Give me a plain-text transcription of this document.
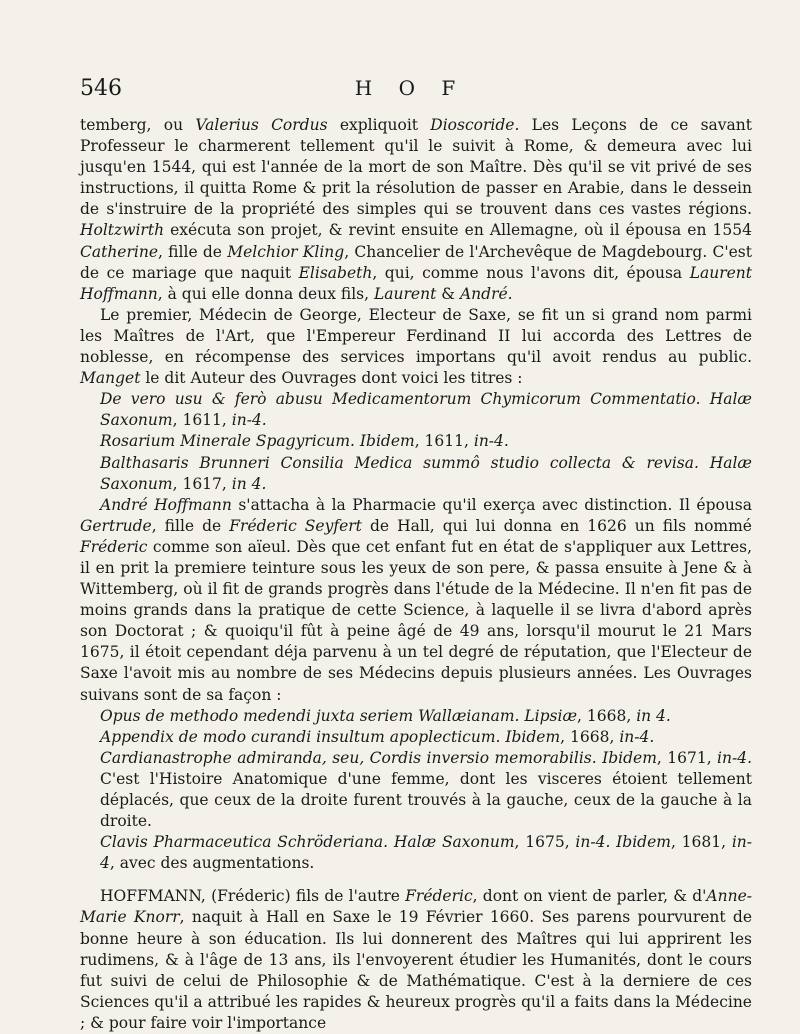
546	H O F

temberg, ou Valerius Cordus expliquoit Dioscoride. Les Leçons de ce savant Professeur le charmerent tellement qu'il le suivit à Rome, & demeura avec lui jusqu'en 1544, qui est l'année de la mort de son Maître. Dès qu'il se vit privé de ses instructions, il quitta Rome & prit la résolution de passer en Arabie, dans le dessein de s'instruire de la propriété des simples qui se trouvent dans ces vastes régions. Holtzwirth exécuta son projet, & revint ensuite en Allemagne, où il épousa en 1554 Catherine, fille de Melchior Kling, Chancelier de l'Archevêque de Magdebourg. C'est de ce mariage que naquit Elisabeth, qui, comme nous l'avons dit, épousa Laurent Hoffmann, à qui elle donna deux fils, Laurent & André.

Le premier, Médecin de George, Electeur de Saxe, se fit un si grand nom parmi les Maîtres de l'Art, que l'Empereur Ferdinand II lui accorda des Lettres de noblesse, en récompense des services importans qu'il avoit rendus au public. Manget le dit Auteur des Ouvrages dont voici les titres :

De vero usu & ferò abusu Medicamentorum Chymicorum Commentatio. Halæ Saxonum, 1611, in-4.

Rosarium Minerale Spagyricum. Ibidem, 1611, in-4.

Balthasaris Brunneri Consilia Medica summô studio collecta & revisa. Halæ Saxonum, 1617, in 4.

André Hoffmann s'attacha à la Pharmacie qu'il exerça avec distinction. Il épousa Gertrude, fille de Fréderic Seyfert de Hall, qui lui donna en 1626 un fils nommé Fréderic comme son aïeul. Dès que cet enfant fut en état de s'appliquer aux Lettres, il en prit la premiere teinture sous les yeux de son pere, & passa ensuite à Jene & à Wittemberg, où il fit de grands progrès dans l'étude de la Médecine. Il n'en fit pas de moins grands dans la pratique de cette Science, à laquelle il se livra d'abord après son Doctorat ; & quoiqu'il fût à peine âgé de 49 ans, lorsqu'il mourut le 21 Mars 1675, il étoit cependant déja parvenu à un tel degré de réputation, que l'Electeur de Saxe l'avoit mis au nombre de ses Médecins depuis plusieurs années. Les Ouvrages suivans sont de sa façon :

Opus de methodo medendi juxta seriem Wallæianam. Lipsiæ, 1668, in 4.

Appendix de modo curandi insultum apoplecticum. Ibidem, 1668, in-4.

Cardianastrophe admiranda, seu, Cordis inversio memorabilis. Ibidem, 1671, in-4. C'est l'Histoire Anatomique d'une femme, dont les visceres étoient tellement déplacés, que ceux de la droite furent trouvés à la gauche, ceux de la gauche à la droite.

Clavis Pharmaceutica Schröderiana. Halæ Saxonum, 1675, in-4. Ibidem, 1681, in-4, avec des augmentations.

HOFFMANN, (Fréderic) fils de l'autre Fréderic, dont on vient de parler, & d'Anne-Marie Knorr, naquit à Hall en Saxe le 19 Février 1660. Ses parens pourvurent de bonne heure à son éducation. Ils lui donnerent des Maîtres qui lui apprirent les rudimens, & à l'âge de 13 ans, ils l'envoyerent étudier les Humanités, dont le cours fut suivi de celui de Philosophie & de Mathématique. C'est à la derniere de ces Sciences qu'il a attribué les rapides & heureux progrès qu'il a faits dans la Médecine ; & pour faire voir l'importance
